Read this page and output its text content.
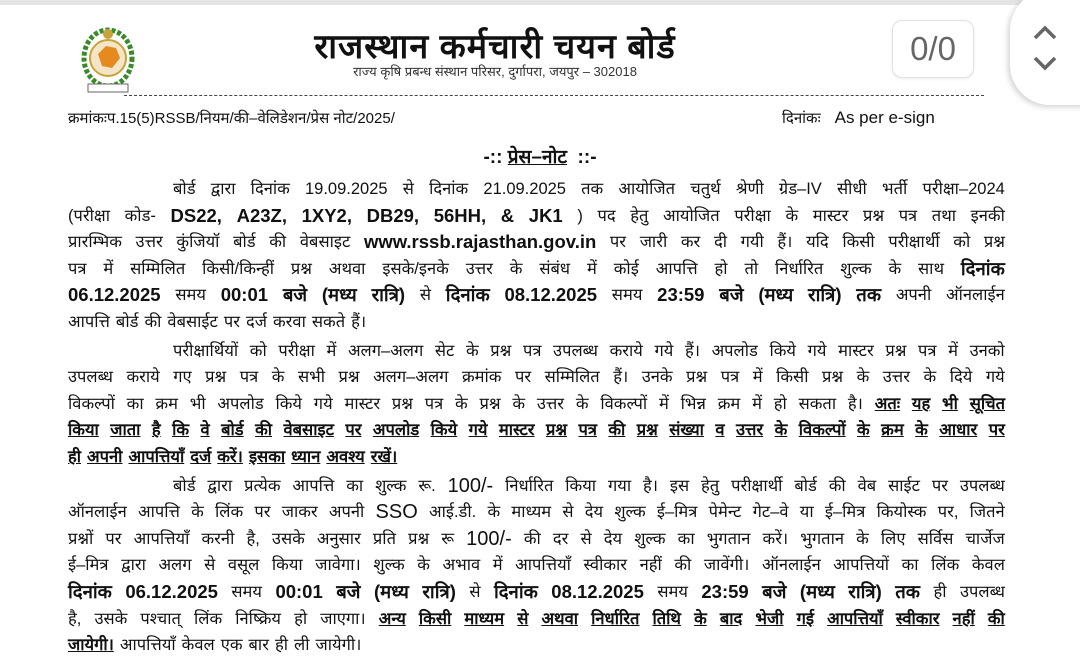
राजस्थान कर्मचारी चयन बोर्ड
राज्य कृषि प्रबन्ध संस्थान परिसर, दुर्गापरा, जयपुर – 302018
क्रमांकःप.15(5)RSSB/नियम/की–वेलिडेशन/प्रेस नोट/2025/	दिनांकः As per e-sign
-:: प्रेस–नोट ::-
बोर्ड द्वारा दिनांक 19.09.2025 से दिनांक 21.09.2025 तक आयोजित चतुर्थ श्रेणी ग्रेड–IV सीधी भर्ती परीक्षा–2024
(परीक्षा कोड- DS22, A23Z, 1XY2, DB29, 56HH, & JK1 ) पद हेतु आयोजित परीक्षा के मास्टर प्रश्न पत्र तथा इनकी
प्रारम्भिक उत्तर कुंजियॉ बोर्ड की वेबसाइट www.rssb.rajasthan.gov.in पर जारी कर दी गयी हैं। यदि किसी परीक्षार्थी को प्रश्न
पत्र में सम्मिलित किसी/किन्हीं प्रश्न अथवा इसके/इनके उत्तर के संबंध में कोई आपत्ति हो तो निर्धारित शुल्क के साथ दिनांक
06.12.2025 समय 00:01 बजे (मध्य रात्रि) से दिनांक 08.12.2025 समय 23:59 बजे (मध्य रात्रि) तक अपनी ऑनलाईन
आपत्ति बोर्ड की वेबसाईट पर दर्ज करवा सकते हैं।
परीक्षार्थियों को परीक्षा में अलग–अलग सेट के प्रश्न पत्र उपलब्ध कराये गये हैं। अपलोड किये गये मास्टर प्रश्न पत्र में उनको
उपलब्ध कराये गए प्रश्न पत्र के सभी प्रश्न अलग–अलग क्रमांक पर सम्मिलित हैं। उनके प्रश्न पत्र में किसी प्रश्न के उत्तर के दिये गये
विकल्पों का क्रम भी अपलोड किये गये मास्टर प्रश्न पत्र के प्रश्न के उत्तर के विकल्पों में भिन्न क्रम में हो सकता है। अतः यह भी सूचित
किया जाता है कि वे बोर्ड की वेबसाइट पर अपलोड किये गये मास्टर प्रश्न पत्र की प्रश्न संख्या व उत्तर के विकल्पों के क्रम के आधार पर
ही अपनी आपत्तियाँ दर्ज करें। इसका ध्यान अवश्य रखें।
बोर्ड द्वारा प्रत्येक आपत्ति का शुल्क रू. 100/- निर्धारित किया गया है। इस हेतु परीक्षार्थी बोर्ड की वेब साईट पर उपलब्ध
ऑनलाईन आपत्ति के लिंक पर जाकर अपनी SSO आई.डी. के माध्यम से देय शुल्क ई–मित्र पेमेन्ट गेट–वे या ई–मित्र कियोस्क पर, जितने
प्रश्नों पर आपत्तियाँ करनी है, उसके अनुसार प्रति प्रश्न रू 100/- की दर से देय शुल्क का भुगतान करें। भुगतान के लिए सर्विस चार्जेज
ई–मित्र द्वारा अलग से वसूल किया जावेगा। शुल्क के अभाव में आपत्तियाँ स्वीकार नहीं की जावेंगी। ऑनलाईन आपत्तियों का लिंक केवल
दिनांक 06.12.2025 समय 00:01 बजे (मध्य रात्रि) से दिनांक 08.12.2025 समय 23:59 बजे (मध्य रात्रि) तक ही उपलब्ध
है, उसके पश्चात् लिंक निष्क्रिय हो जाएगा। अन्य किसी माध्यम से अथवा निर्धारित तिथि के बाद भेजी गई आपत्तियाँ स्वीकार नहीं की
जायेगी। आपत्तियाँ केवल एक बार ही ली जायेगी।
0/0
